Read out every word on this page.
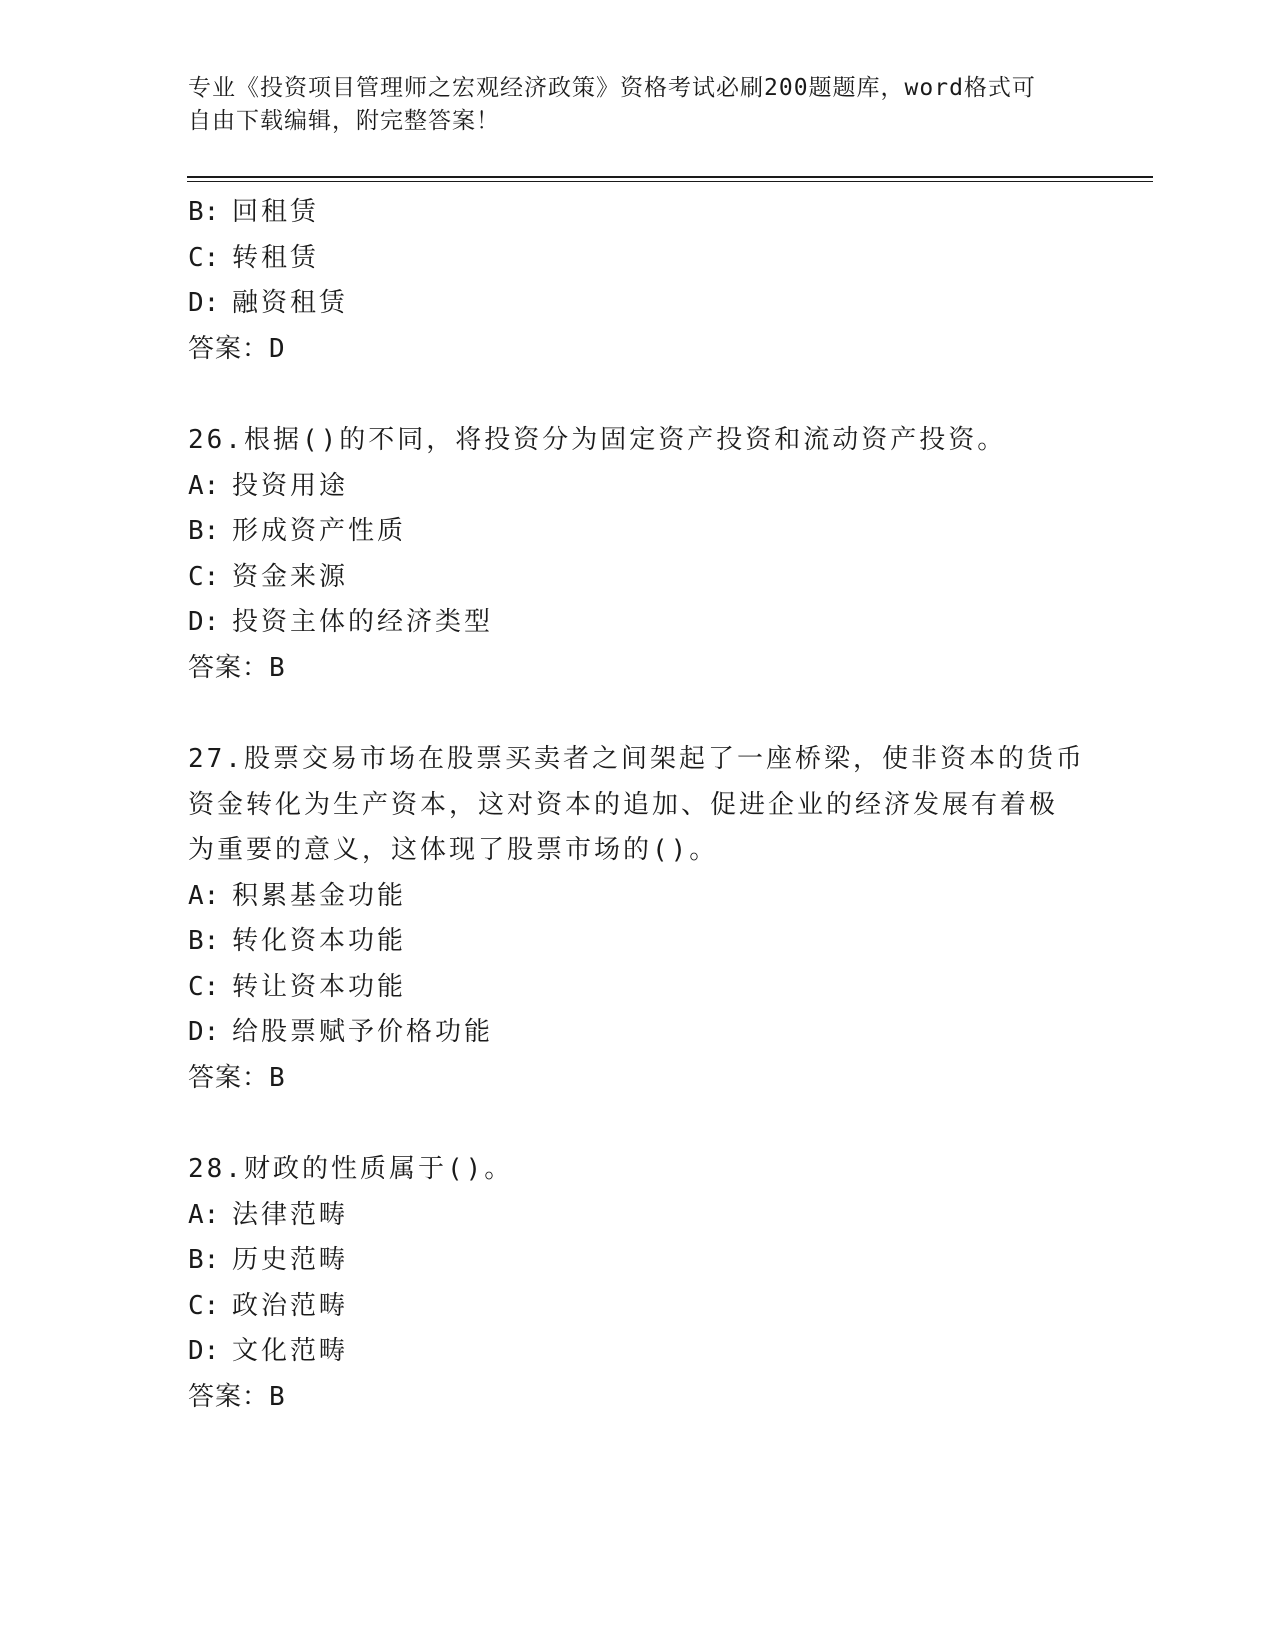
专业《投资项目管理师之宏观经济政策》资格考试必刷200题题库，word格式可
自由下载编辑，附完整答案！
B: 回租赁
C: 转租赁
D: 融资租赁
答案：D
26.根据()的不同，将投资分为固定资产投资和流动资产投资。
A: 投资用途
B: 形成资产性质
C: 资金来源
D: 投资主体的经济类型
答案：B
27.股票交易市场在股票买卖者之间架起了一座桥梁，使非资本的货币
资金转化为生产资本，这对资本的追加、促进企业的经济发展有着极
为重要的意义，这体现了股票市场的()。
A: 积累基金功能
B: 转化资本功能
C: 转让资本功能
D: 给股票赋予价格功能
答案：B
28.财政的性质属于()。
A: 法律范畴
B: 历史范畴
C: 政治范畴
D: 文化范畴
答案：B
